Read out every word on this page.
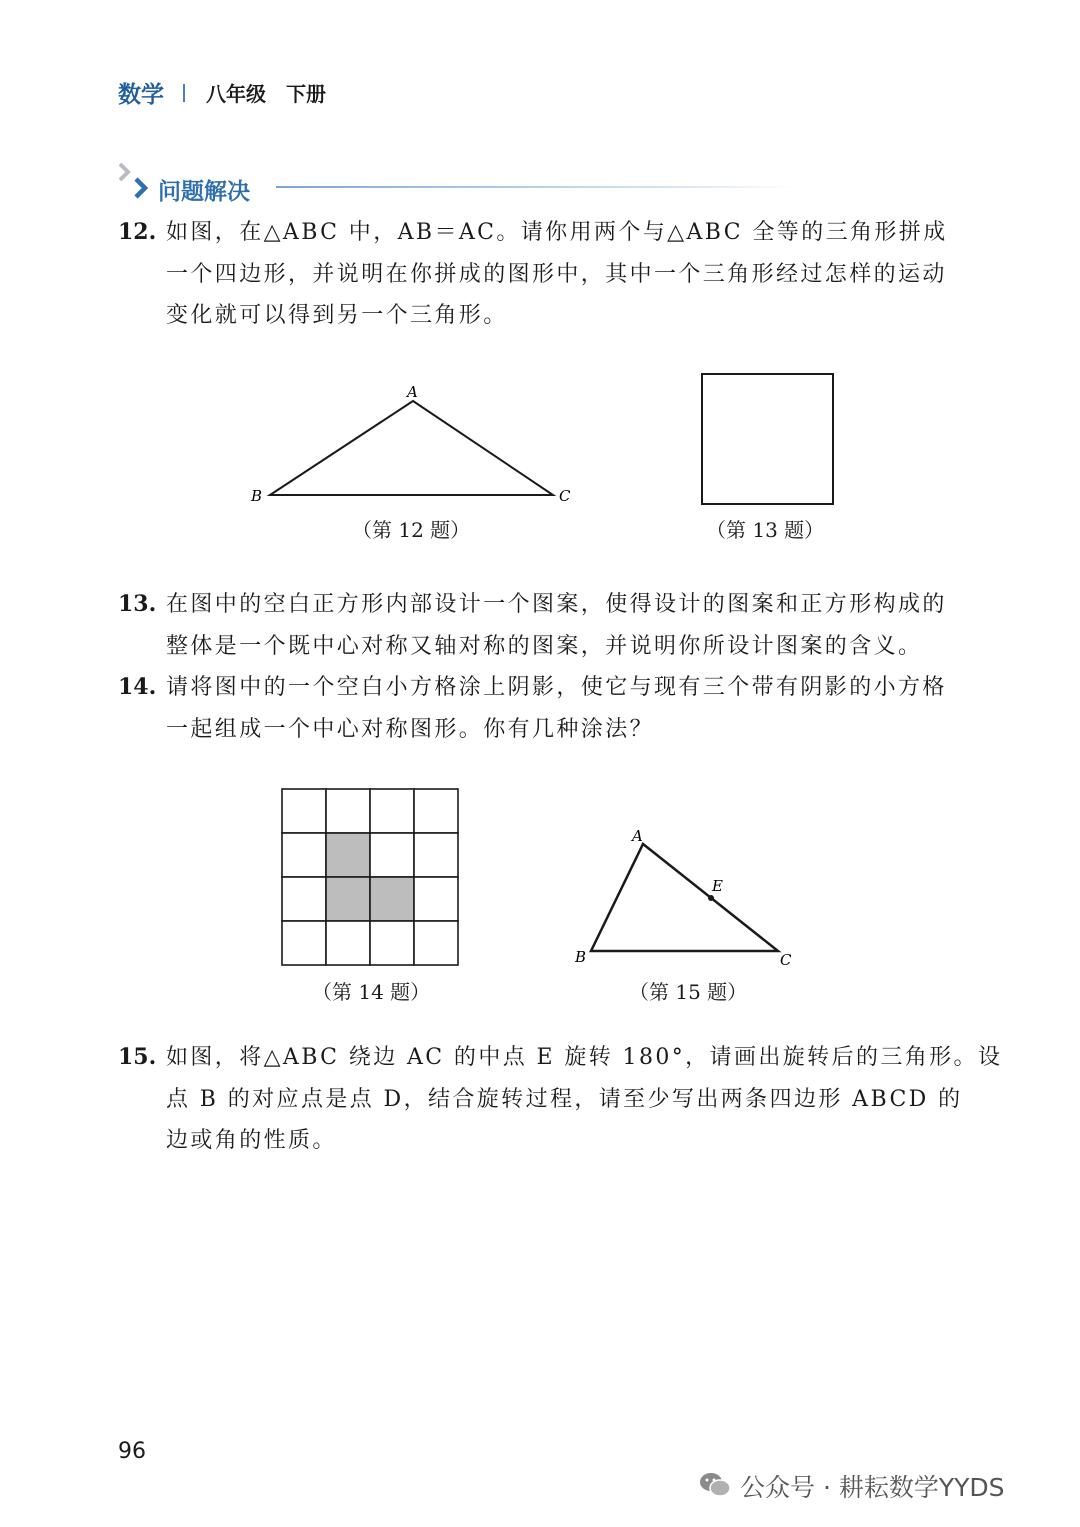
数学 八年级　下册
问题解决
12. 如图，在△ABC 中，AB＝AC。请你用两个与△ABC 全等的三角形拼成

一个四边形，并说明在你拼成的图形中，其中一个三角形经过怎样的运动

变化就可以得到另一个三角形。

A
B	C
（第 12 题）	（第 13 题）
13. 在图中的空白正方形内部设计一个图案，使得设计的图案和正方形构成的

整体是一个既中心对称又轴对称的图案，并说明你所设计图案的含义。

14. 请将图中的一个空白小方格涂上阴影，使它与现有三个带有阴影的小方格

一起组成一个中心对称图形。你有几种涂法？

（第 14 题）
A
B	C
E
（第 15 题）
15. 如图，将△ABC 绕边 AC 的中点 E 旋转 180°，请画出旋转后的三角形。设

点 B 的对应点是点 D，结合旋转过程，请至少写出两条四边形 ABCD 的

边或角的性质。

96
公众号 · 耕耘数学YYDS
